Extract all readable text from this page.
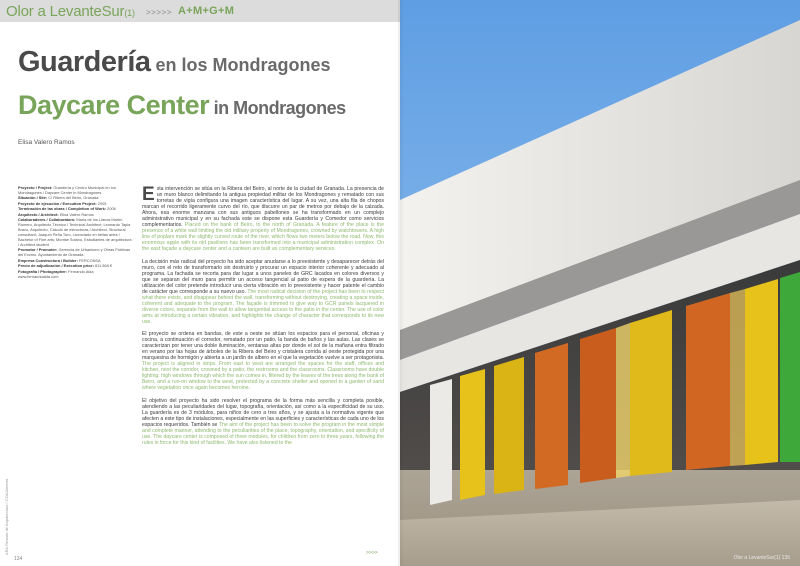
Olor a LevanteSur(1) >>>>> A+M+G+M
Guardería en los Mondragones
Daycare Center in Mondragones
Elisa Valero Ramos

Proyecto / Project: Guardería y Centro Municipal en los Mondragones / Daycare Center in Mondragones

Situación / Site: C/ Ribera del Beiro, Granada

Proyecto de ejecución / Execution Project: 2005

Terminación de las obras / Completion of Work: 2006

Arquitecto / Architect: Elisa Valero Ramos

Colaboradores / Collaborators: María de los Llanos Martín Romero, Arquitecto Técnico / Technical Architect; Leonardo Tapia Bravo, Arquitecto, Cálculo de estructuras / Architect, Structural consultant; Joaquín Peña Toro, Licenciado en bellas artes / Bachelor of Fine arts; Montse Solano, Estudiantes de arquitectura / Architect student

Promotor / Promoter: Gerencia de Urbanismo y Obras Públicas del Excmo. Ayuntamiento de Granada

Empresa Constructora / Builder: FERCONSA

Precio de adjudicación / Execution price: 811.568 €

Fotografía / Photographer: Fernando Alda

www.fernandoalda.com

Esta intervención se sitúa en la Ribera del Beiro, al norte de la ciudad de Granada. La presencia de un muro blanco delimitando la antigua propiedad militar de los Mondragones y rematado con sus torretas de vigía configura una imagen característica del lugar. A su vez, una alta fila de chopos marcan el recorrido ligeramente curvo del río, que discurre un par de metros por debajo de la calzada. Ahora, esa enorme manzana con sus antiguos pabellones se ha transformado en un complejo administrativo municipal y en su fachada este se dispone esta Guardería y Comedor como servicios complementarios. Placed on the bank of Beiro, to the north of Granada. A feature of the place is the presence of a white wall limiting the old military property of Mondragones, crowned by watchtowers. A high line of poplars mark the slightly curved route of the river, which flows two meters below the road. Now, this enormous apple with its old pavilions has been transformed into a municipal administration complex. On the east façade a daycare center and a canteen are built as complementary services.

La decisión más radical del proyecto ha sido aceptar anudarse a lo preexistente y desaparecer detrás del muro, con el reto de transformarlo sin destruirlo y procurar un espacio interior coherente y adecuado al programa. La fachada se recorta para dar lugar a unos paneles de GRC lacados en colores diversos y que se separan del muro para permitir un acceso tangencial al patio de espera de la guardería. La utilización del color pretende introducir una cierta vibración en lo preexistente y hacer patente el cambio de carácter que corresponde a su nuevo uso. The most radical decision of the project has been to respect what there exists, and disappear behind the wall, transforming without destroying, creating a space inside, coherent and adequate to the program. The façade is trimmed to give way to GCR panels lacquered in diverse colors, separate from the wall to allow tangential access to the patio in the center. The use of color aims at introducing a certain vibration, and highlights the change of character that corresponds to its new use.

El proyecto se ordena en bandas, de este a oeste se sitúan los espacios para el personal, oficinas y cocina, a continuación el corredor, rematado por un patio, la banda de baños y las aulas. Las clases se caracterizan por tener una doble iluminación, ventanas altas por donde el sol de la mañana entra filtrado en verano por las hojas de árboles de la Ribera del Beiro y cristalera corrida al oeste protegida por una marquesina de hormigón y abierta a un jardín de albero en el que la vegetación vuelve a ser protagonista. The project is aligned in strips. From east to west are arranged the spaces for the staff, offices and kitchen, next the corridor, crowned by a patio, the restrooms and the classrooms. Classrooms have double lighting: high windows through which the sun comes in, filtered by the leaves of the trees along the bank of Beiro, and a run-on window to the west, protected by a concrete shelter and opened to a garden of sand where vegetation once again becomes heroine.

El objetivo del proyecto ha sido resolver el programa de la forma más sencilla y completa posible, atendiendo a las peculiaridades del lugar, topografía, orientación, así como a la especificidad de su uso. La guardería es de 3 módulos, para niños de cero a tres años, y se ajusta a la normativa vigente que afecten a este tipo de instalaciones, especialmente en las superficies y características de cada uno de los espacios requeridos. También se The aim of the project has been to solve the program in the most simple and complete manner, attending to the peculiarities of the place, topography, orientation, and specificity of use. The daycare center is composed of three modules, for children from zero to three years, following the rules in force for this kind of facilities. We have also listened to the

>>>>
ARA Revista de Arquitectura / COAAlmería
134	Olor a LevanteSur(1) 135
